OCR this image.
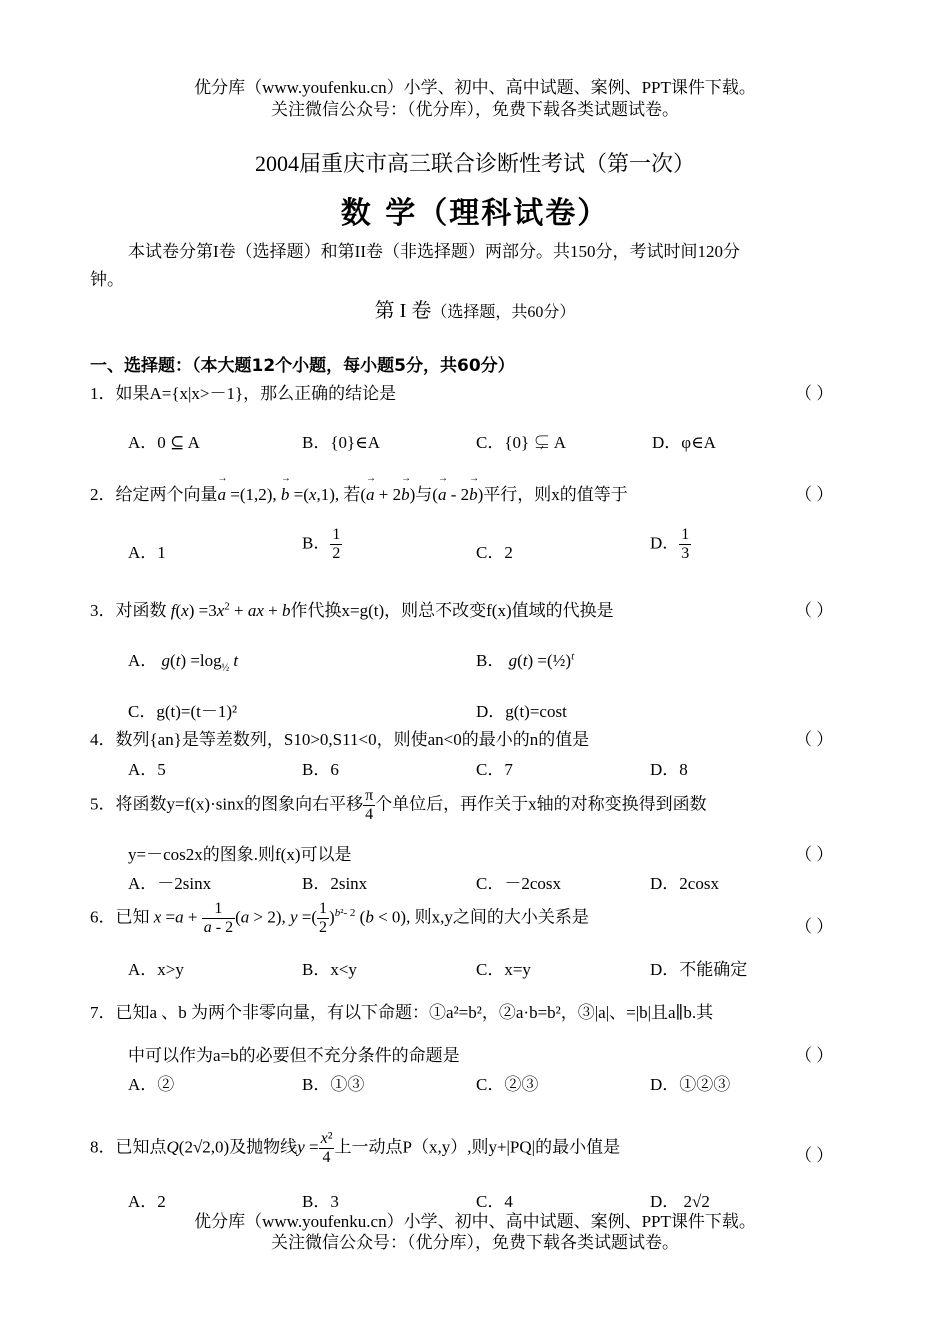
优分库（www.youfenku.cn）小学、初中、高中试题、案例、PPT课件下载。
关注微信公众号：（优分库），免费下载各类试题试卷。
2004届重庆市高三联合诊断性考试（第一次）
数 学（理科试卷）
本试卷分第I卷（选择题）和第II卷（非选择题）两部分。共150分，考试时间120分
钟。
第 I 卷（选择题，共60分）
一、选择题：（本大题12个小题，每小题5分，共60分）
1．如果A={x|x>－1}，那么正确的结论是	（ ）
A．0 ⊆ A	B．{0}∈A	C．{0} ⊊ A	D．φ∈A
2．给定两个向量→ a =(1,2), → b =(x,1), 若(→ a + 2→ b)与(→ a - 2→ b)平行，则x的值等于	（ ）
A．1
B． $\frac{1}{2}$	C．2
D． $\frac{1}{3}$
3．对函数 $f(x) =3x^2$ + ax + b作代换x=g(t)，则总不改变f(x)值域的代换是	（ ）
A． $g(t) =\log_{\frac{1}{2}}$ t	B． g(t) =(½)$^t$
C．g(t)=(t－1)²	D．g(t)=cost
4．数列{an}是等差数列，S10>0,S11<0，则使an<0的最小的n的值是	（ ）
A．5	B．6	C．7	D．8
5．将函数y=f(x)·sinx的图象向右平移 $\frac{\pi}{4}$ 个单位后，再作关于x轴的对称变换得到函数
y=－cos2x的图象.则f(x)可以是	（ ）
A．－2sinx	B．2sinx	C．－2cosx	D．2cosx
6．已知 $x =a + \frac{1}{a - 2} (a > 2)$, y =( $\frac{1}{2} )^{b^2- 2}$ (b < 0), 则x,y之间的大小关系是
（ ）
A．x>y	B．x<y	C．x=y	D．不能确定
7．已知a 、b 为两个非零向量，有以下命题：①a²=b²，②a·b=b²，③|a|、=|b|且a∥b.其
中可以作为a=b的必要但不充分条件的命题是	（ ）
A．②	B．①③	C．②③	D．①②③
8．已知点Q(2√2,0)及抛物线$y = \frac{\text{x²}}{4}$ 上一动点P（x,y）,则y+|PQ|的最小值是	（ ）
A．2	B．3	C．4	D． 2√2
优分库（www.youfenku.cn）小学、初中、高中试题、案例、PPT课件下载。
关注微信公众号：（优分库），免费下载各类试题试卷。
